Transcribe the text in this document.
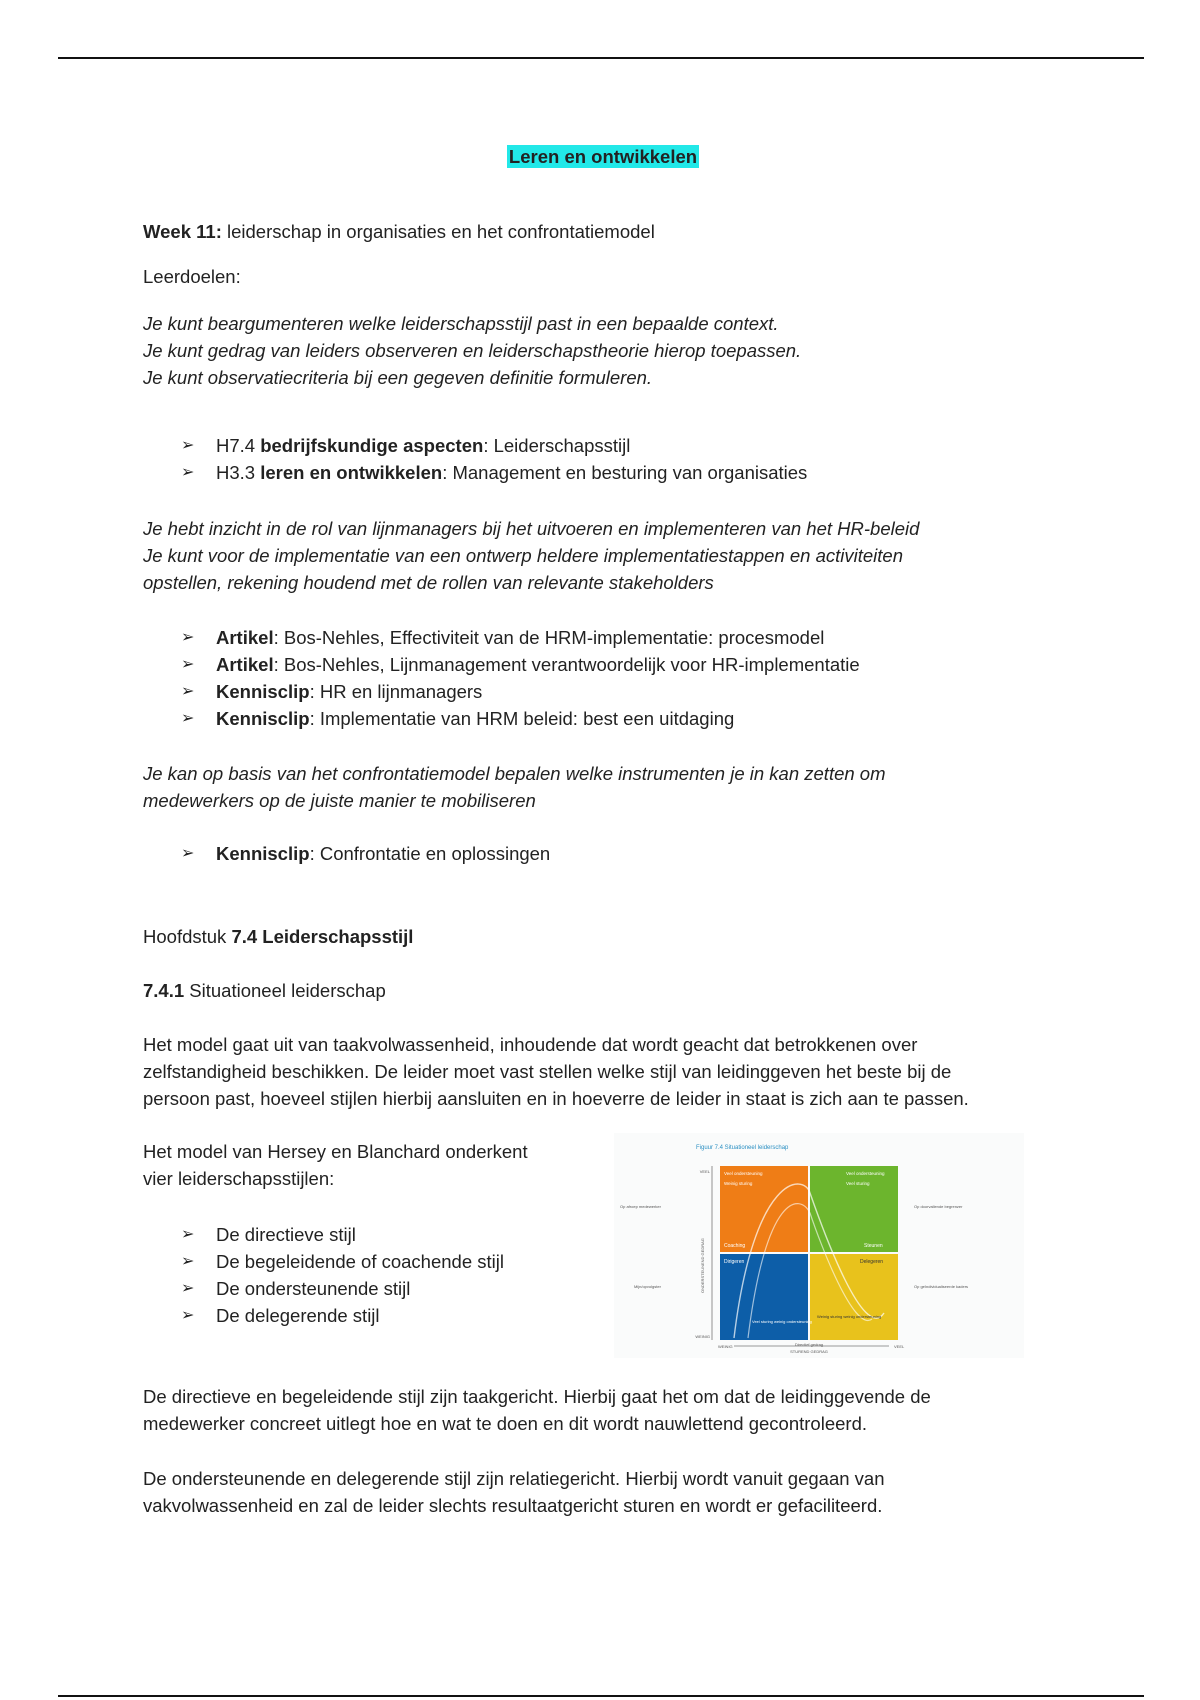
Leren en ontwikkelen

Week 11: leiderschap in organisaties en het confrontatiemodel

Leerdoelen:

Je kunt beargumenteren welke leiderschapsstijl past in een bepaalde context.
Je kunt gedrag van leiders observeren en leiderschapstheorie hierop toepassen.
Je kunt observatiecriteria bij een gegeven definitie formuleren.
➢ H7.4 bedrijfskundige aspecten: Leiderschapsstijl
➢ H3.3 leren en ontwikkelen: Management en besturing van organisaties
Je hebt inzicht in de rol van lijnmanagers bij het uitvoeren en implementeren van het HR-beleid
Je kunt voor de implementatie van een ontwerp heldere implementatiestappen en activiteiten
opstellen, rekening houdend met de rollen van relevante stakeholders
➢ Artikel: Bos-Nehles, Effectiviteit van de HRM-implementatie: procesmodel
➢ Artikel: Bos-Nehles, Lijnmanagement verantwoordelijk voor HR-implementatie
➢ Kennisclip: HR en lijnmanagers
➢ Kennisclip: Implementatie van HRM beleid: best een uitdaging
Je kan op basis van het confrontatiemodel bepalen welke instrumenten je in kan zetten om
medewerkers op de juiste manier te mobiliseren
➢ Kennisclip: Confrontatie en oplossingen

Hoofdstuk 7.4 Leiderschapsstijl

7.4.1 Situationeel leiderschap

Het model gaat uit van taakvolwassenheid, inhoudende dat wordt geacht dat betrokkenen over
zelfstandigheid beschikken. De leider moet vast stellen welke stijl van leidinggeven het beste bij de
persoon past, hoeveel stijlen hierbij aansluiten en in hoeverre de leider in staat is zich aan te passen.
Het model van Hersey en Blanchard onderkent
vier leiderschapsstijlen:
➢ De directieve stijl
➢ De begeleidende of coachende stijl
➢ De ondersteunende stijl
➢ De delegerende stijl
De directieve en begeleidende stijl zijn taakgericht. Hierbij gaat het om dat de leidinggevende de
medewerker concreet uitlegt hoe en wat te doen en dit wordt nauwlettend gecontroleerd.
De ondersteunende en delegerende stijl zijn relatiegericht. Hierbij wordt vanuit gegaan van
vakvolwassenheid en zal de leider slechts resultaatgericht sturen en wordt er gefaciliteerd.
Figuur 7.4 Situationeel leiderschap
Veel ondersteuning
Weinig sturing
Veel ondersteuning
Veel sturing
Coaching	Steunen
Dirigeren	Delegeren
Veel sturing weinig ondersteuning
Weinig sturing weinig ondersteuning
Op afroep medewerker
Mijn/opvolgster
Op doorvallende begrenzer
Op geïndividualiseerde kaders
VEEL
WEINIG
ONDERSTEUNEND GEDRAG
WEINIG	VEEL
Directief gedrag
STUREND GEDRAG
